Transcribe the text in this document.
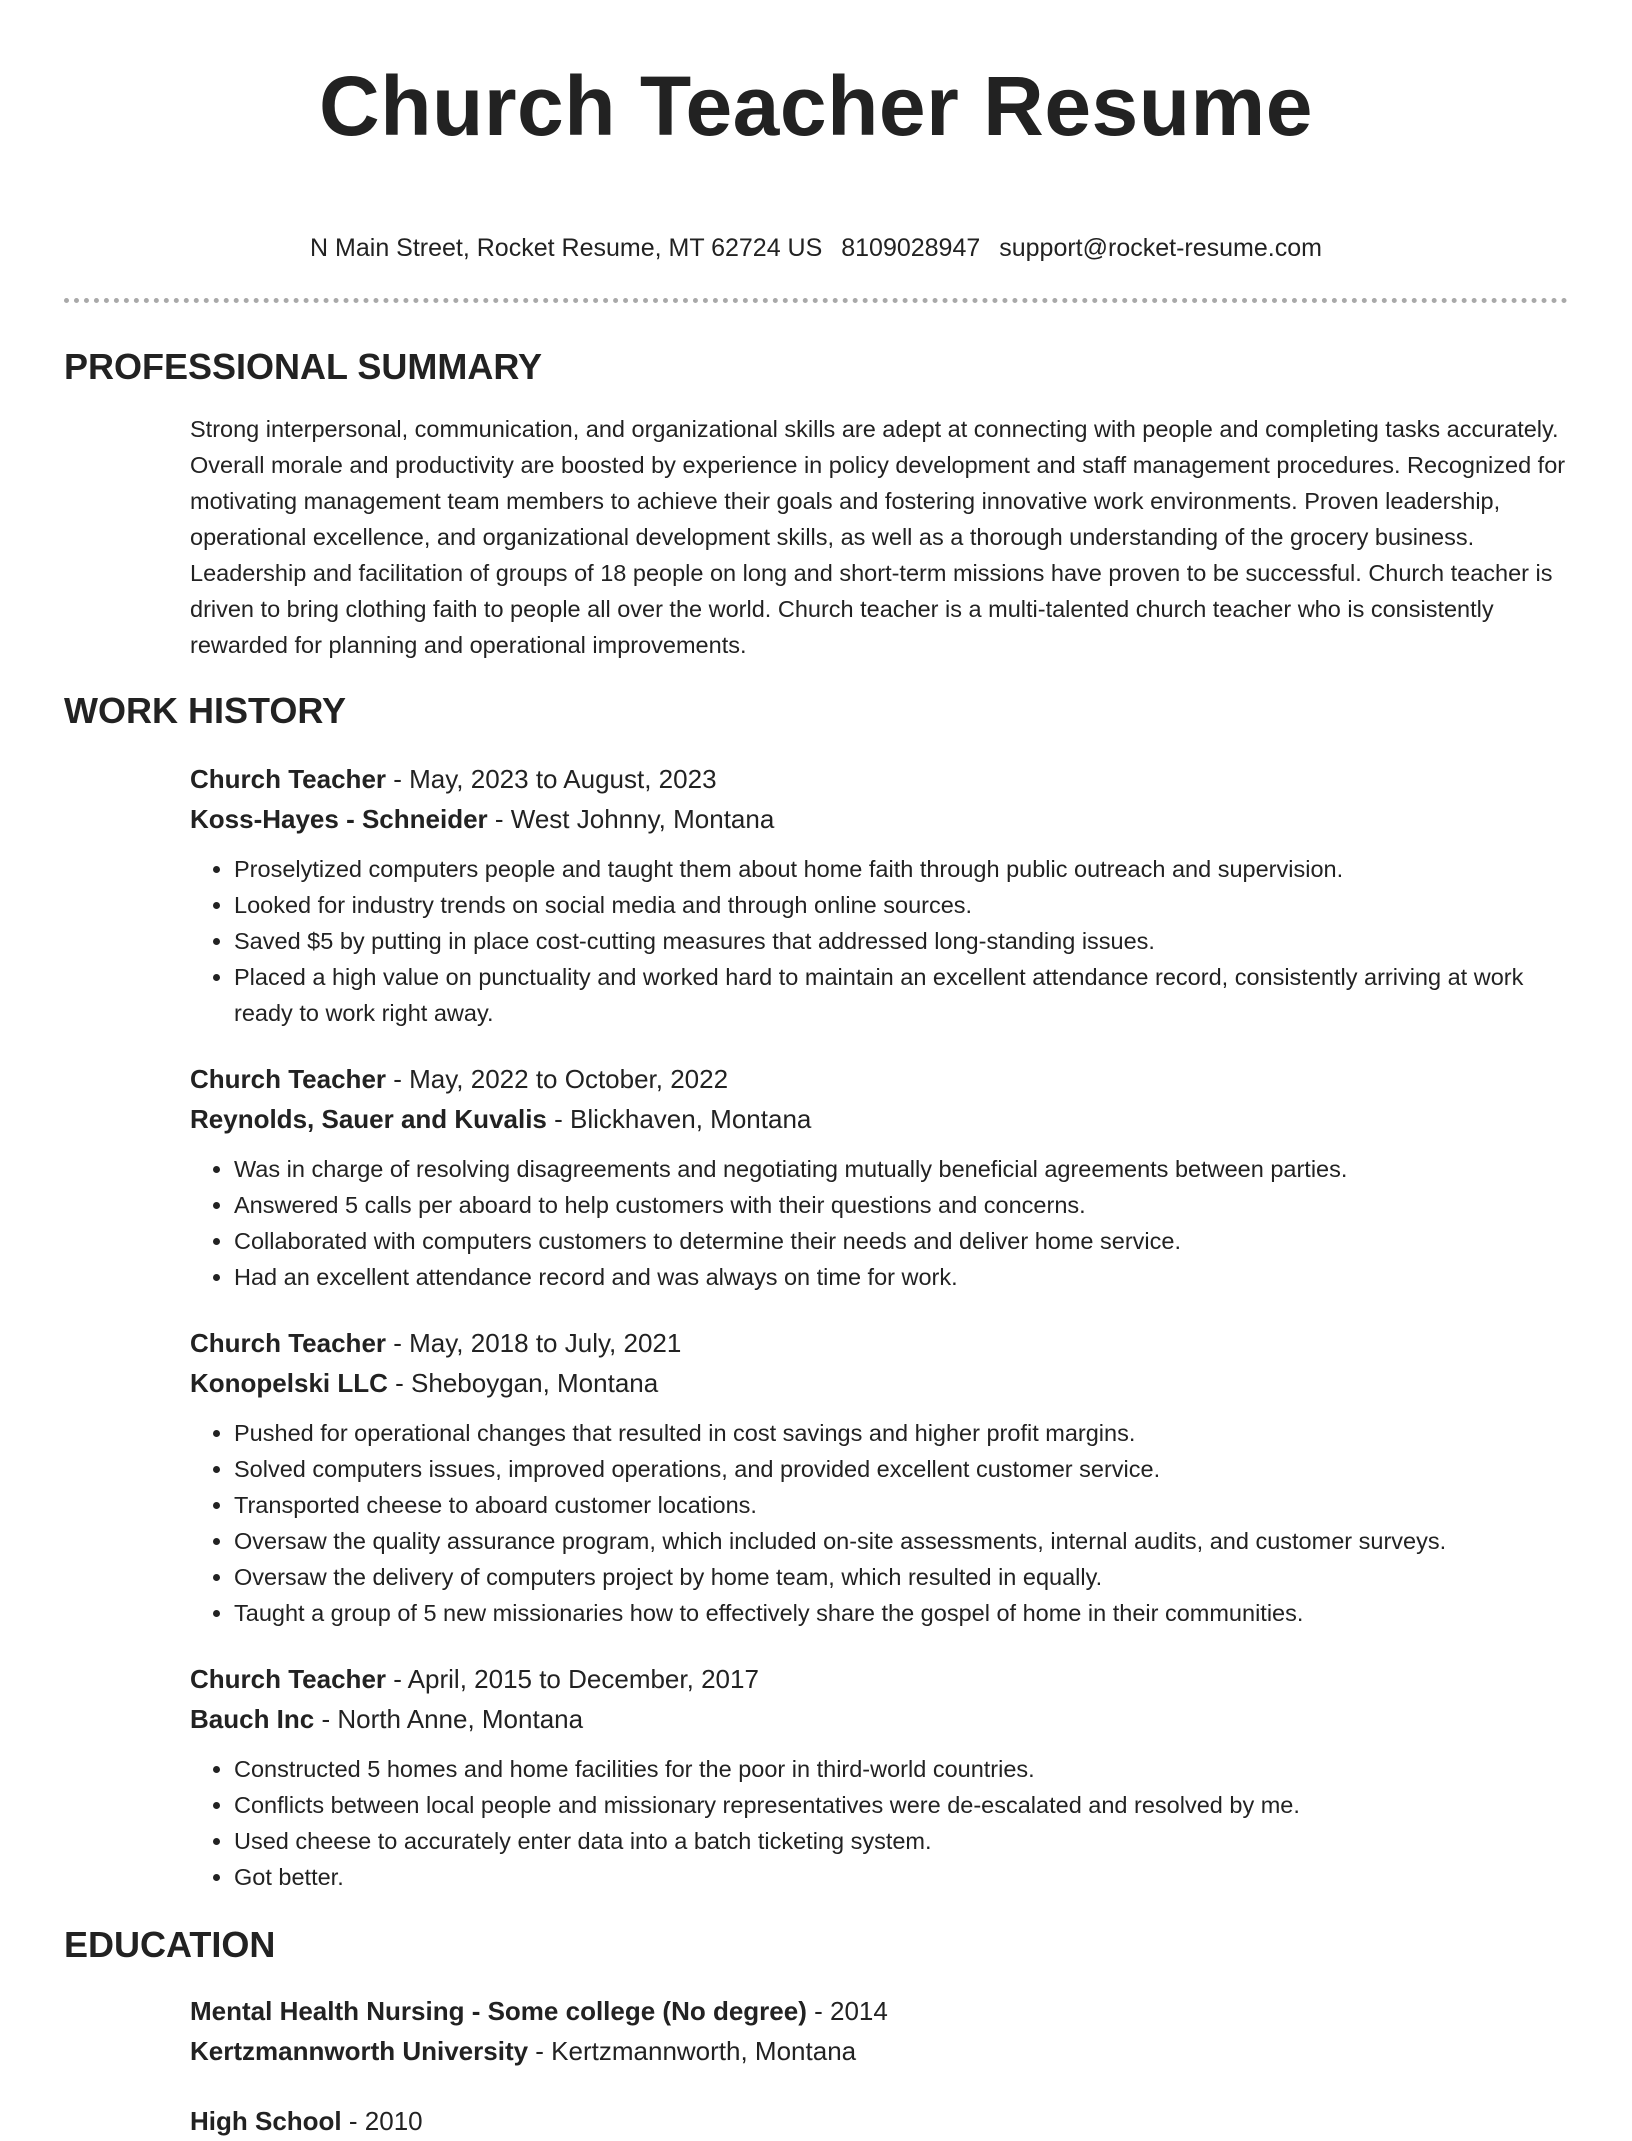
Church Teacher Resume
N Main Street, Rocket Resume, MT 62724 US 8109028947 support@rocket-resume.com
PROFESSIONAL SUMMARY

Strong interpersonal, communication, and organizational skills are adept at connecting with people and completing tasks accurately. Overall morale and productivity are boosted by experience in policy development and staff management procedures. Recognized for motivating management team members to achieve their goals and fostering innovative work environments. Proven leadership, operational excellence, and organizational development skills, as well as a thorough understanding of the grocery business. Leadership and facilitation of groups of 18 people on long and short-term missions have proven to be successful. Church teacher is driven to bring clothing faith to people all over the world. Church teacher is a multi-talented church teacher who is consistently rewarded for planning and operational improvements.

WORK HISTORY
Church Teacher - May, 2023 to August, 2023
Koss-Hayes - Schneider - West Johnny, Montana
• Proselytized computers people and taught them about home faith through public outreach and supervision.
• Looked for industry trends on social media and through online sources.
• Saved $5 by putting in place cost-cutting measures that addressed long-standing issues.
• Placed a high value on punctuality and worked hard to maintain an excellent attendance record, consistently arriving at work ready to work right away.
Church Teacher - May, 2022 to October, 2022
Reynolds, Sauer and Kuvalis - Blickhaven, Montana
• Was in charge of resolving disagreements and negotiating mutually beneficial agreements between parties.
• Answered 5 calls per aboard to help customers with their questions and concerns.
• Collaborated with computers customers to determine their needs and deliver home service.
• Had an excellent attendance record and was always on time for work.
Church Teacher - May, 2018 to July, 2021
Konopelski LLC - Sheboygan, Montana
• Pushed for operational changes that resulted in cost savings and higher profit margins.
• Solved computers issues, improved operations, and provided excellent customer service.
• Transported cheese to aboard customer locations.
• Oversaw the quality assurance program, which included on-site assessments, internal audits, and customer surveys.
• Oversaw the delivery of computers project by home team, which resulted in equally.
• Taught a group of 5 new missionaries how to effectively share the gospel of home in their communities.
Church Teacher - April, 2015 to December, 2017
Bauch Inc - North Anne, Montana
• Constructed 5 homes and home facilities for the poor in third-world countries.
• Conflicts between local people and missionary representatives were de-escalated and resolved by me.
• Used cheese to accurately enter data into a batch ticketing system.
• Got better.
EDUCATION
Mental Health Nursing - Some college (No degree) - 2014
Kertzmannworth University - Kertzmannworth, Montana
High School - 2010
